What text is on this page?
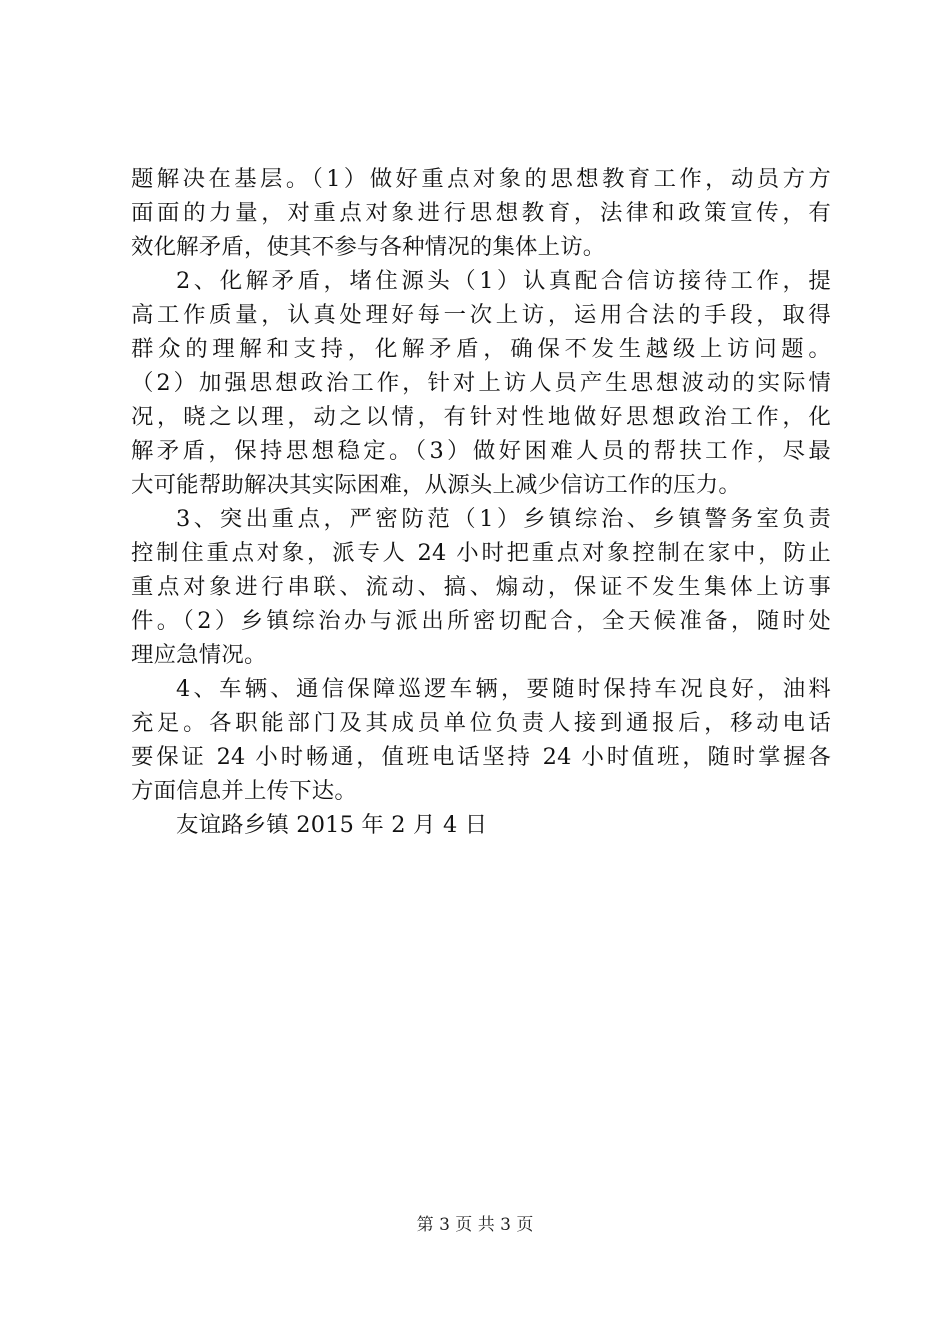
题解决在基层。（1）做好重点对象的思想教育工作，动员方方
面面的力量，对重点对象进行思想教育，法律和政策宣传，有
效化解矛盾，使其不参与各种情况的集体上访。
2、化解矛盾，堵住源头（1）认真配合信访接待工作，提
高工作质量，认真处理好每一次上访，运用合法的手段，取得
群众的理解和支持，化解矛盾，确保不发生越级上访问题。
（2）加强思想政治工作，针对上访人员产生思想波动的实际情
况，晓之以理，动之以情，有针对性地做好思想政治工作，化
解矛盾，保持思想稳定。（3）做好困难人员的帮扶工作，尽最
大可能帮助解决其实际困难，从源头上减少信访工作的压力。
3、突出重点，严密防范（1）乡镇综治、乡镇警务室负责
控制住重点对象，派专人 24 小时把重点对象控制在家中，防止
重点对象进行串联、流动、搞、煽动，保证不发生集体上访事
件。（2）乡镇综治办与派出所密切配合，全天候准备，随时处
理应急情况。
4、车辆、通信保障巡逻车辆，要随时保持车况良好，油料
充足。各职能部门及其成员单位负责人接到通报后，移动电话
要保证 24 小时畅通，值班电话坚持 24 小时值班，随时掌握各
方面信息并上传下达。
友谊路乡镇 2015 年 2 月 4 日
第 3 页 共 3 页
